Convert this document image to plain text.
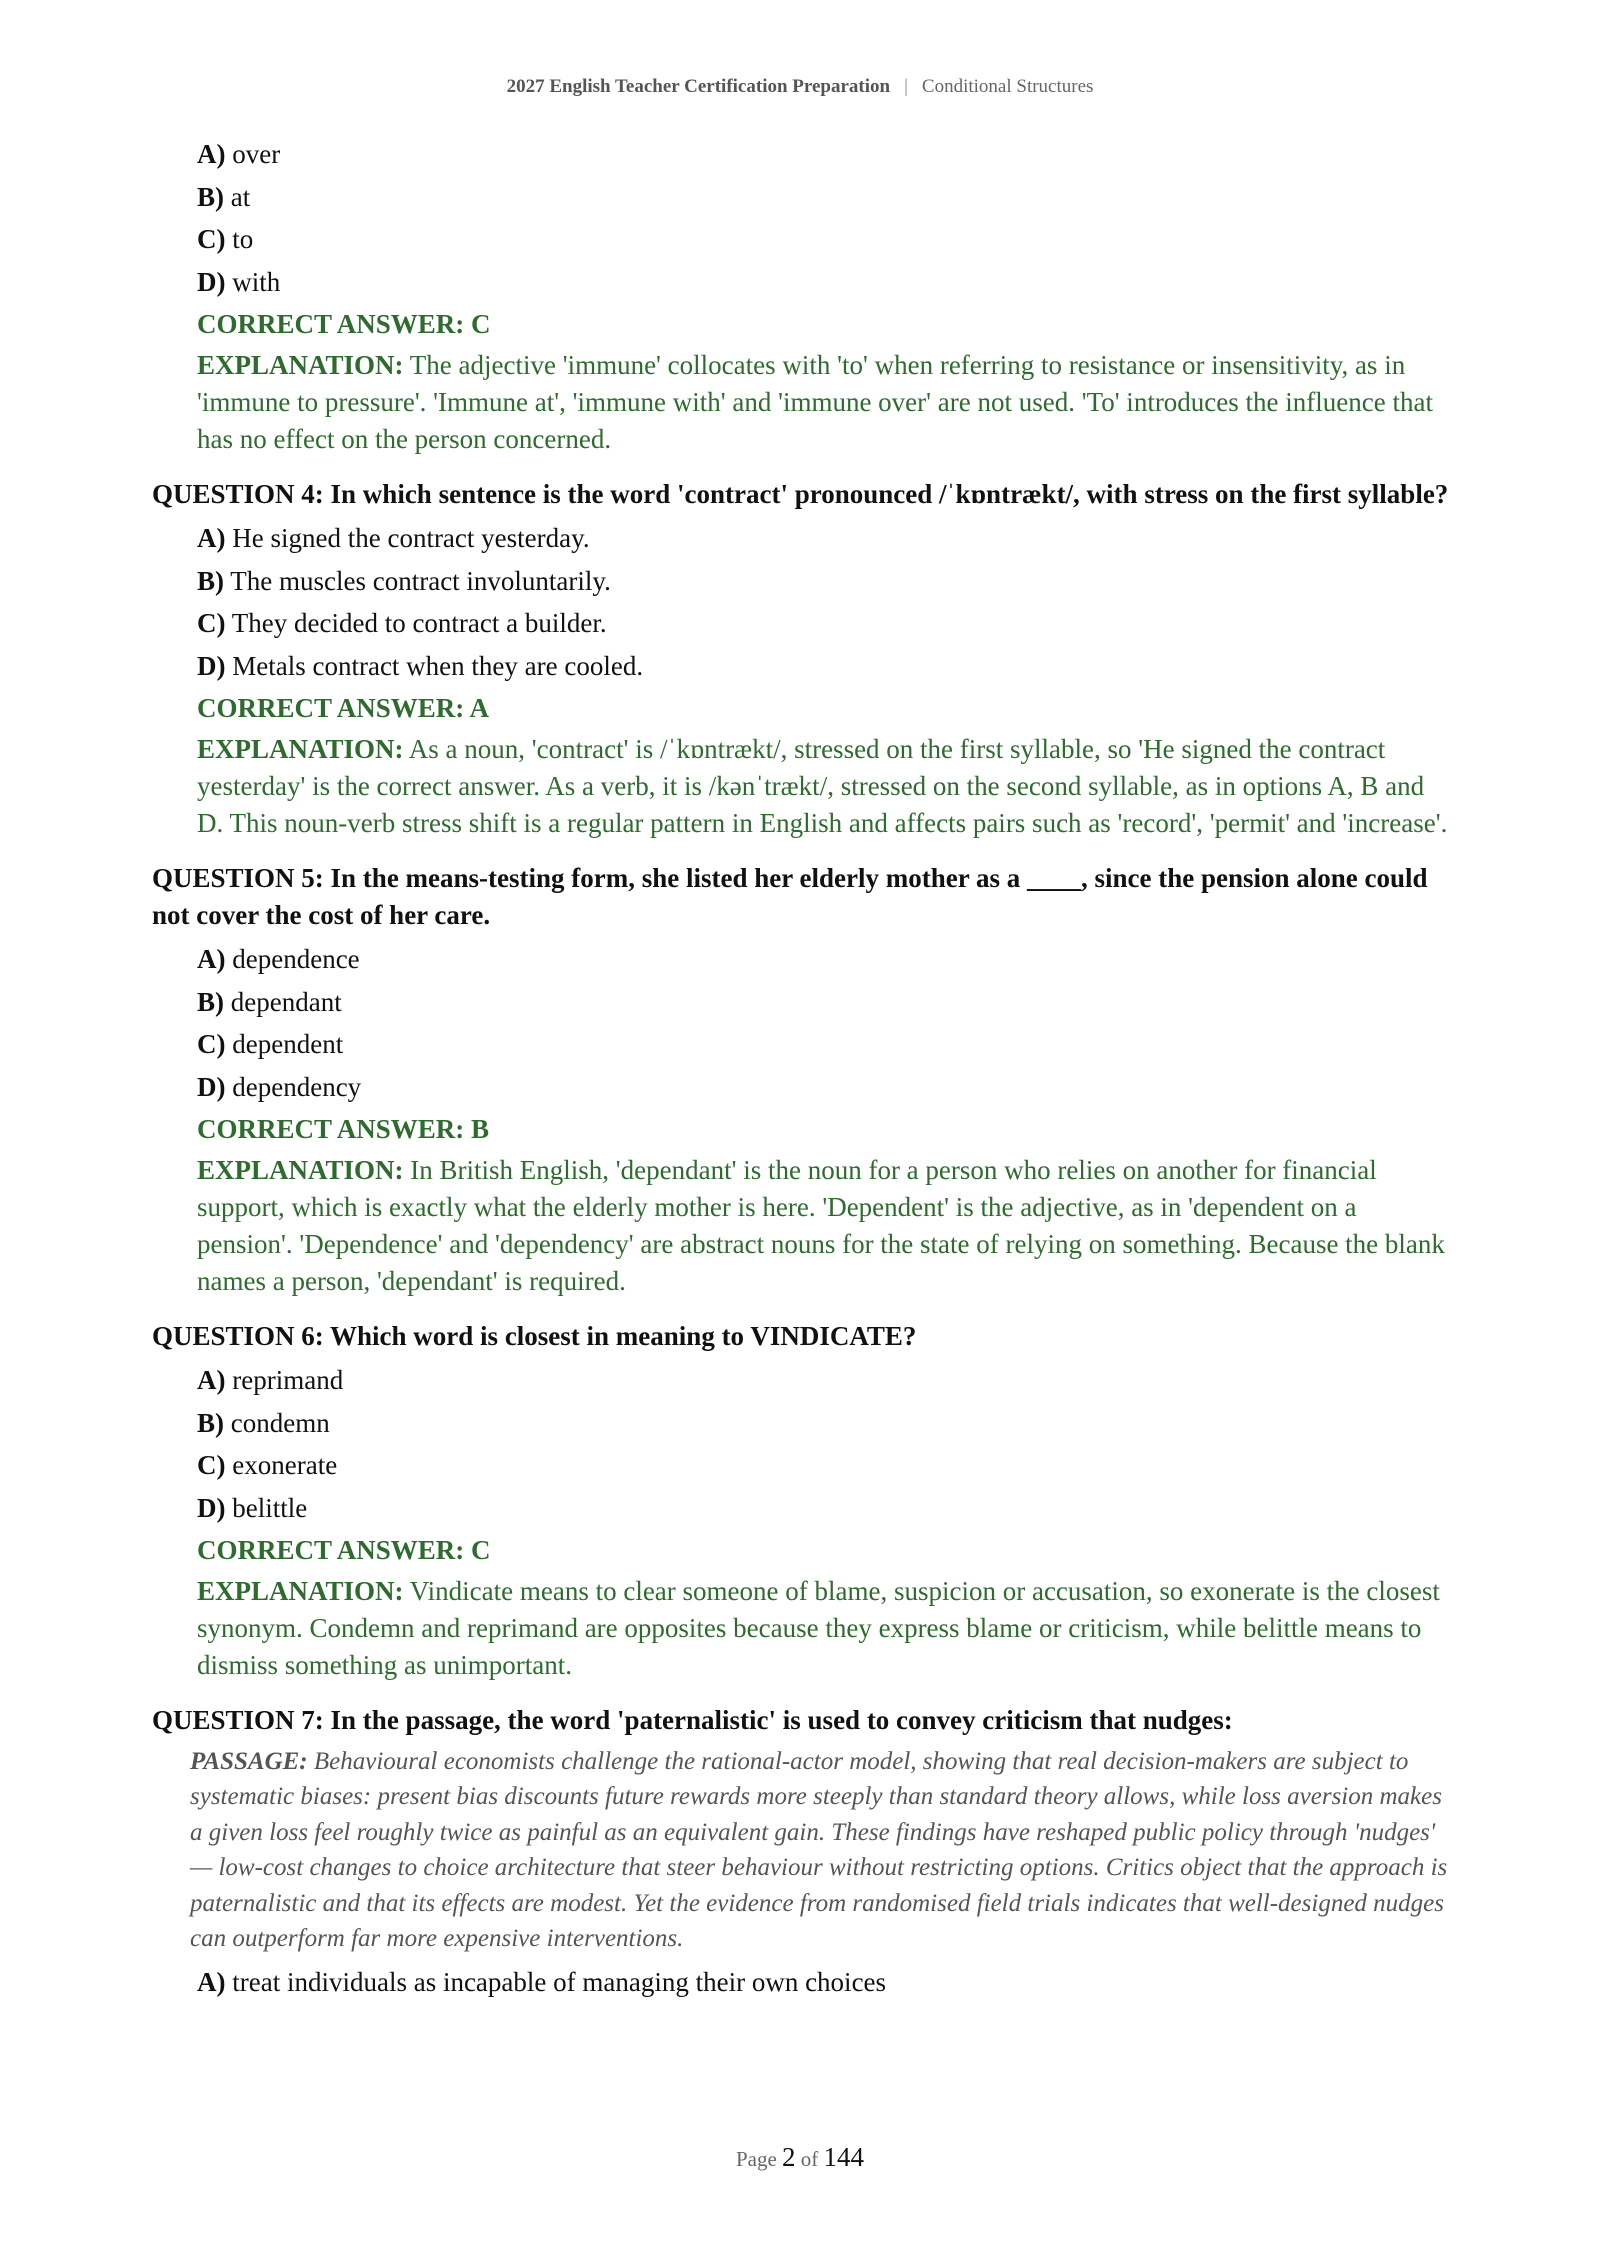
2027 English Teacher Certification Preparation | Conditional Structures
A) over
B) at
C) to
D) with
CORRECT ANSWER: C
EXPLANATION: The adjective 'immune' collocates with 'to' when referring to resistance or insensitivity, as in 'immune to pressure'. 'Immune at', 'immune with' and 'immune over' are not used. 'To' introduces the influence that has no effect on the person concerned.
QUESTION 4: In which sentence is the word 'contract' pronounced /ˈkɒntrækt/, with stress on the first syllable?
A) He signed the contract yesterday.
B) The muscles contract involuntarily.
C) They decided to contract a builder.
D) Metals contract when they are cooled.
CORRECT ANSWER: A
EXPLANATION: As a noun, 'contract' is /ˈkɒntrækt/, stressed on the first syllable, so 'He signed the contract yesterday' is the correct answer. As a verb, it is /kənˈtrækt/, stressed on the second syllable, as in options A, B and D. This noun-verb stress shift is a regular pattern in English and affects pairs such as 'record', 'permit' and 'increase'.
QUESTION 5: In the means-testing form, she listed her elderly mother as a ____, since the pension alone could not cover the cost of her care.
A) dependence
B) dependant
C) dependent
D) dependency
CORRECT ANSWER: B
EXPLANATION: In British English, 'dependant' is the noun for a person who relies on another for financial support, which is exactly what the elderly mother is here. 'Dependent' is the adjective, as in 'dependent on a pension'. 'Dependence' and 'dependency' are abstract nouns for the state of relying on something. Because the blank names a person, 'dependant' is required.
QUESTION 6: Which word is closest in meaning to VINDICATE?
A) reprimand
B) condemn
C) exonerate
D) belittle
CORRECT ANSWER: C
EXPLANATION: Vindicate means to clear someone of blame, suspicion or accusation, so exonerate is the closest synonym. Condemn and reprimand are opposites because they express blame or criticism, while belittle means to dismiss something as unimportant.
QUESTION 7: In the passage, the word 'paternalistic' is used to convey criticism that nudges:
PASSAGE: Behavioural economists challenge the rational-actor model, showing that real decision-makers are subject to systematic biases: present bias discounts future rewards more steeply than standard theory allows, while loss aversion makes a given loss feel roughly twice as painful as an equivalent gain. These findings have reshaped public policy through 'nudges' — low-cost changes to choice architecture that steer behaviour without restricting options. Critics object that the approach is paternalistic and that its effects are modest. Yet the evidence from randomised field trials indicates that well-designed nudges can outperform far more expensive interventions.
A) treat individuals as incapable of managing their own choices
Page 2 of 144
